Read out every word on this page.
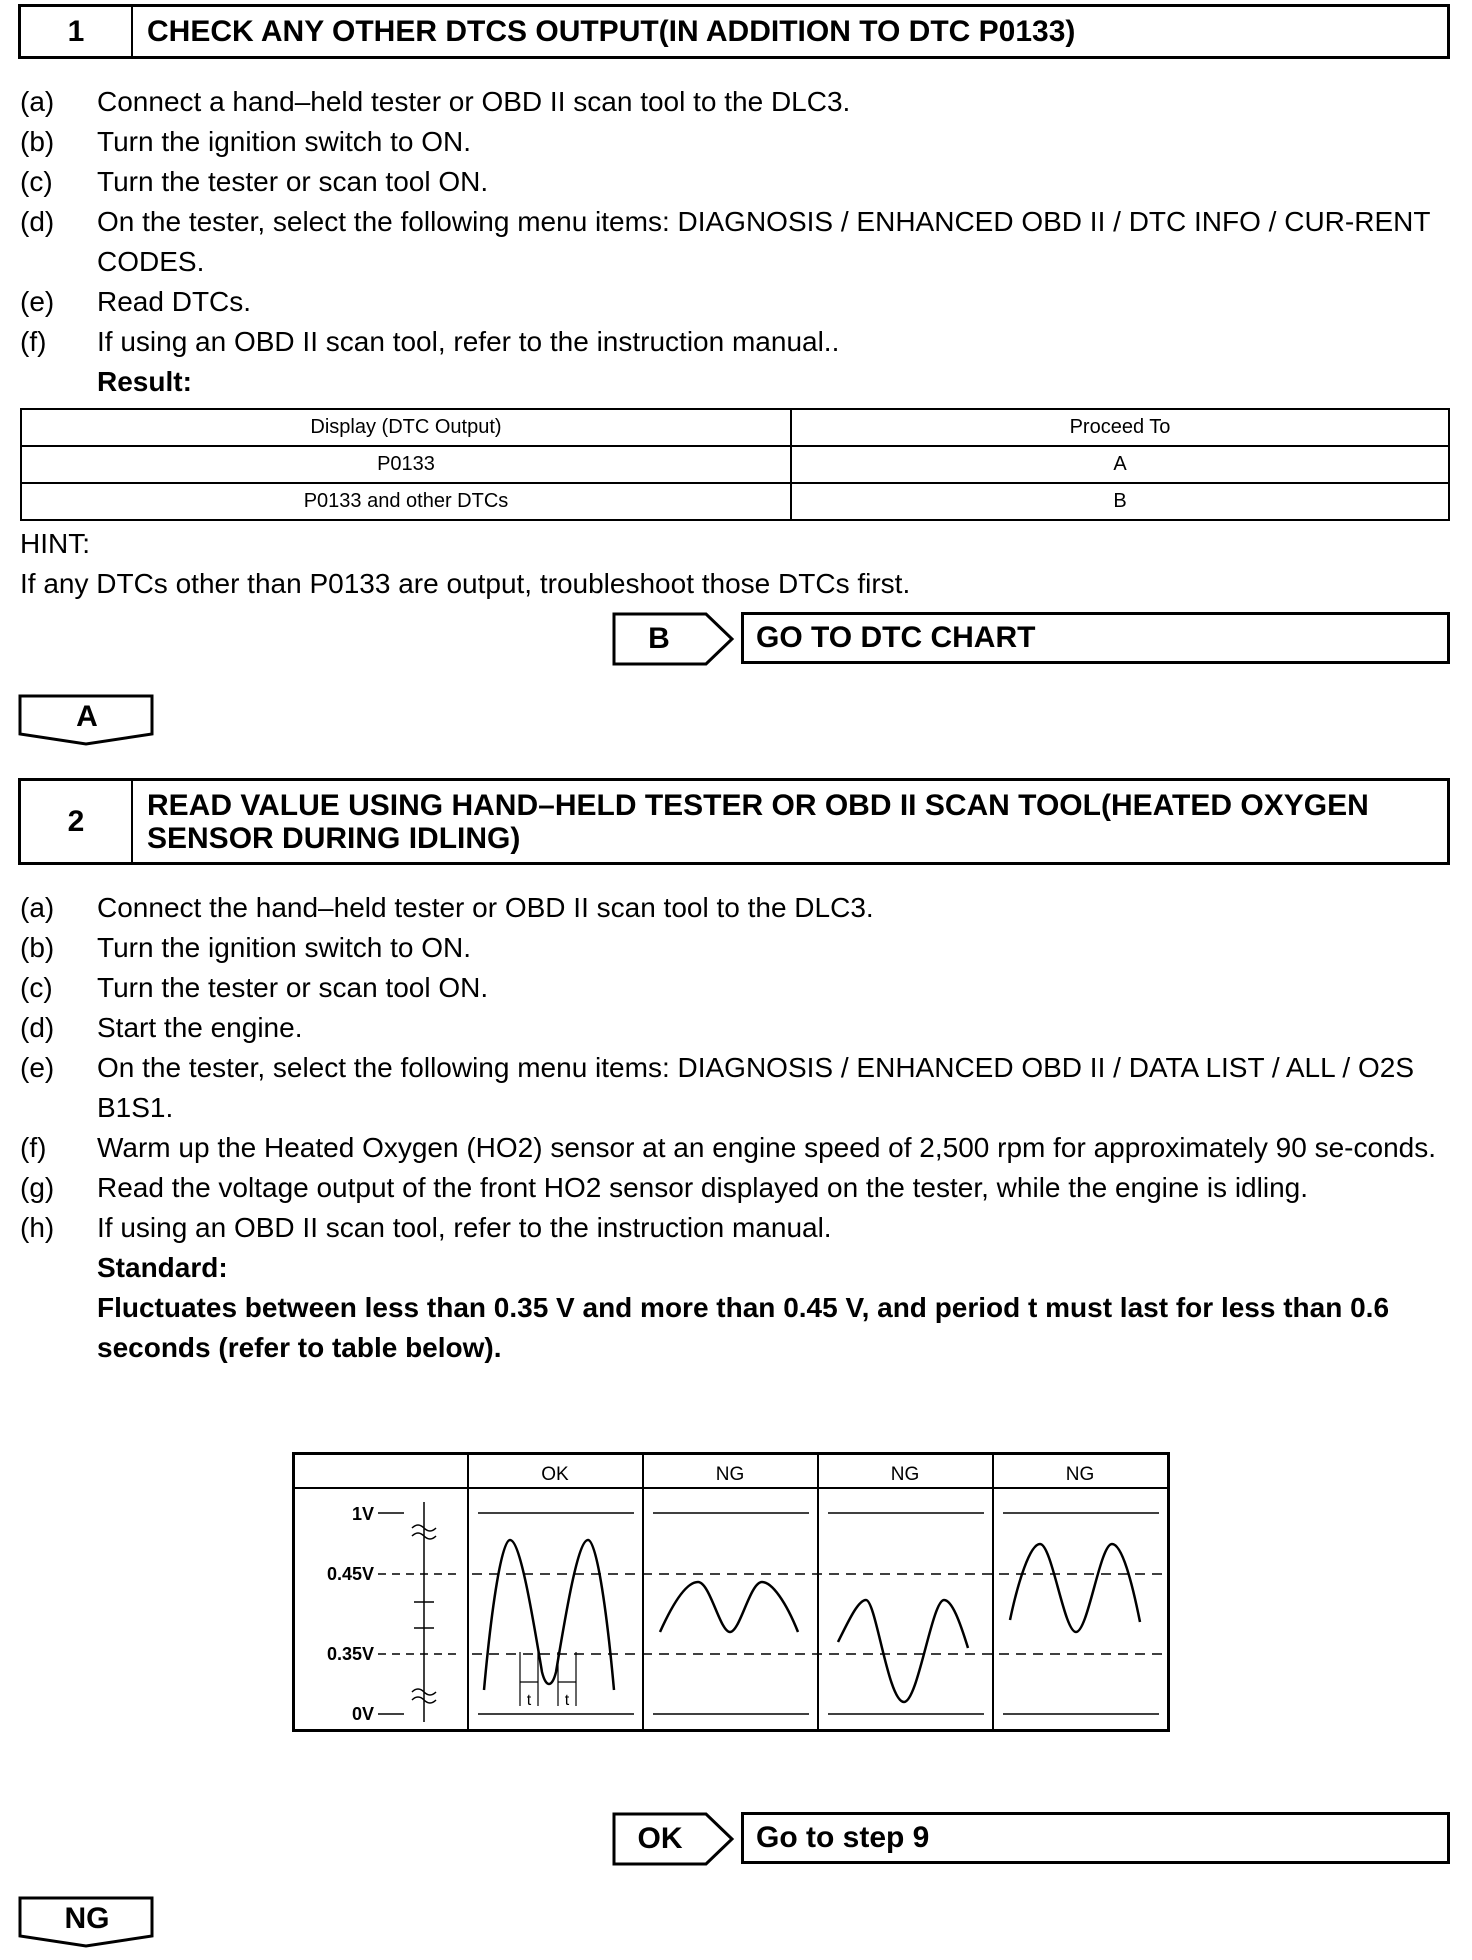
1	CHECK ANY OTHER DTCS OUTPUT(IN ADDITION TO DTC P0133)
(a)	Connect a hand–held tester or OBD II scan tool to the DLC3.
(b)	Turn the ignition switch to ON.
(c)	Turn the tester or scan tool ON.
(d)	On the tester, select the following menu items: DIAGNOSIS / ENHANCED OBD II / DTC INFO / CUR-RENT CODES.
(e)	Read DTCs.
(f)	If using an OBD II scan tool, refer to the instruction manual..
Result:
Display (DTC Output)	Proceed To
P0133	A
P0133 and other DTCs	B
HINT:
If any DTCs other than P0133 are output, troubleshoot those DTCs first.
B	GO TO DTC CHART
A
2	READ VALUE USING HAND–HELD TESTER OR OBD II SCAN TOOL(HEATED OXYGEN SENSOR DURING IDLING)
(a)	Connect the hand–held tester or OBD II scan tool to the DLC3.
(b)	Turn the ignition switch to ON.
(c)	Turn the tester or scan tool ON.
(d)	Start the engine.
(e)	On the tester, select the following menu items: DIAGNOSIS / ENHANCED OBD II / DATA LIST / ALL / O2S B1S1.
(f)	Warm up the Heated Oxygen (HO2) sensor at an engine speed of 2,500 rpm for approximately 90 se-conds.
(g)	Read the voltage output of the front HO2 sensor displayed on the tester, while the engine is idling.
(h)	If using an OBD II scan tool, refer to the instruction manual.
Standard:
Fluctuates between less than 0.35 V and more than 0.45 V, and period t must last for less than 0.6 seconds (refer to table below).
OK	NG	NG	NG
1V
0.45V
0.35V
0V
t t
OK	Go to step 9
NG
